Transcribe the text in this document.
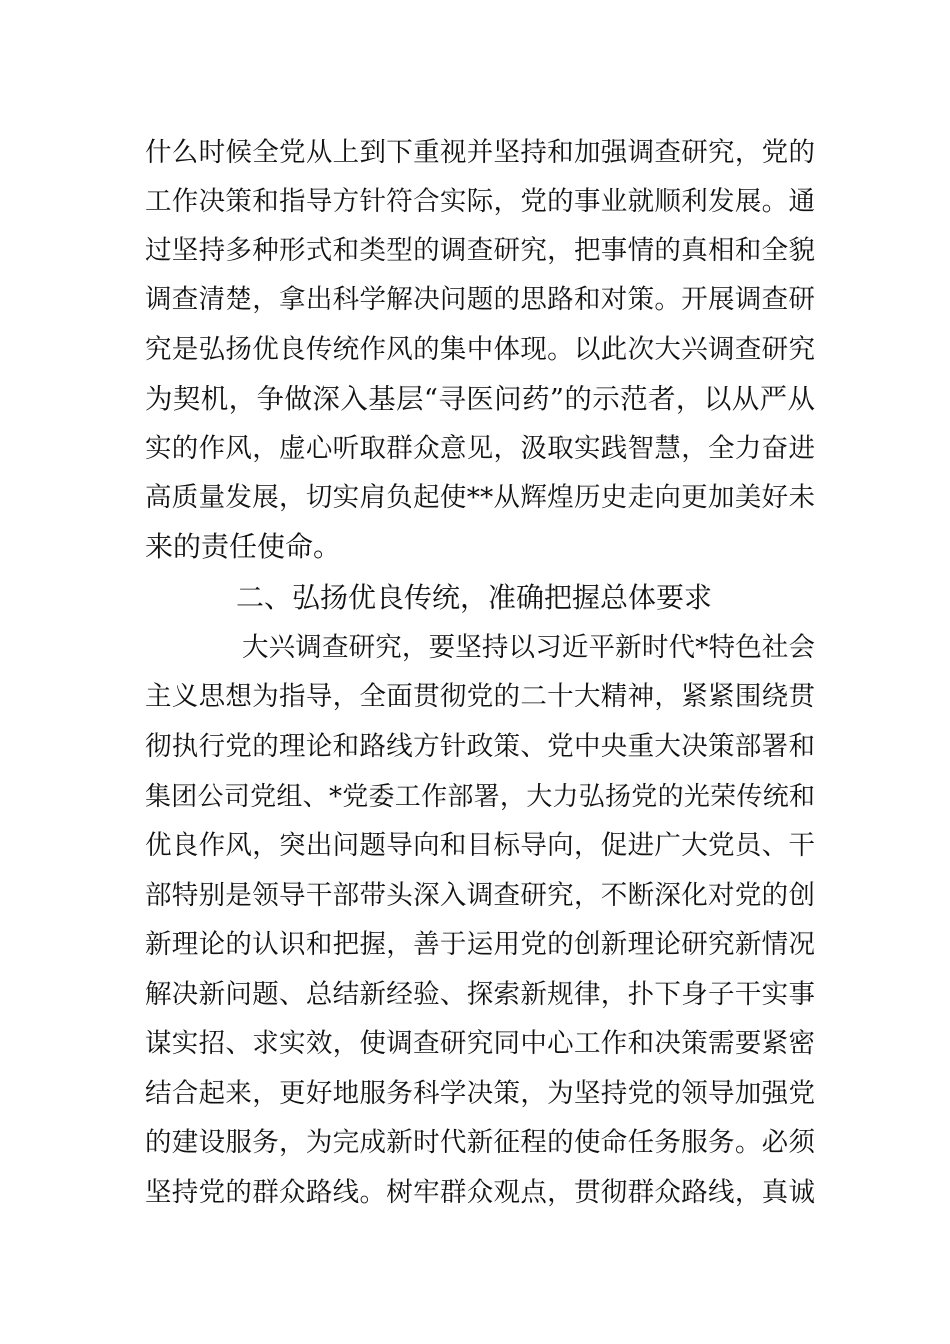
什么时候全党从上到下重视并坚持和加强调查研究，党的
工作决策和指导方针符合实际，党的事业就顺利发展。通
过坚持多种形式和类型的调查研究，把事情的真相和全貌
调查清楚，拿出科学解决问题的思路和对策。开展调查研
究是弘扬优良传统作风的集中体现。以此次大兴调查研究
为契机，争做深入基层“寻医问药”的示范者，以从严从
实的作风，虚心听取群众意见，汲取实践智慧，全力奋进
高质量发展，切实肩负起使**从辉煌历史走向更加美好未
来的责任使命。
二、弘扬优良传统，准确把握总体要求
大兴调查研究，要坚持以习近平新时代*特色社会
主义思想为指导，全面贯彻党的二十大精神，紧紧围绕贯
彻执行党的理论和路线方针政策、党中央重大决策部署和
集团公司党组、*党委工作部署，大力弘扬党的光荣传统和
优良作风，突出问题导向和目标导向，促进广大党员、干
部特别是领导干部带头深入调查研究，不断深化对党的创
新理论的认识和把握，善于运用党的创新理论研究新情况
解决新问题、总结新经验、探索新规律，扑下身子干实事
谋实招、求实效，使调查研究同中心工作和决策需要紧密
结合起来，更好地服务科学决策，为坚持党的领导加强党
的建设服务，为完成新时代新征程的使命任务服务。必须
坚持党的群众路线。树牢群众观点，贯彻群众路线，真诚
